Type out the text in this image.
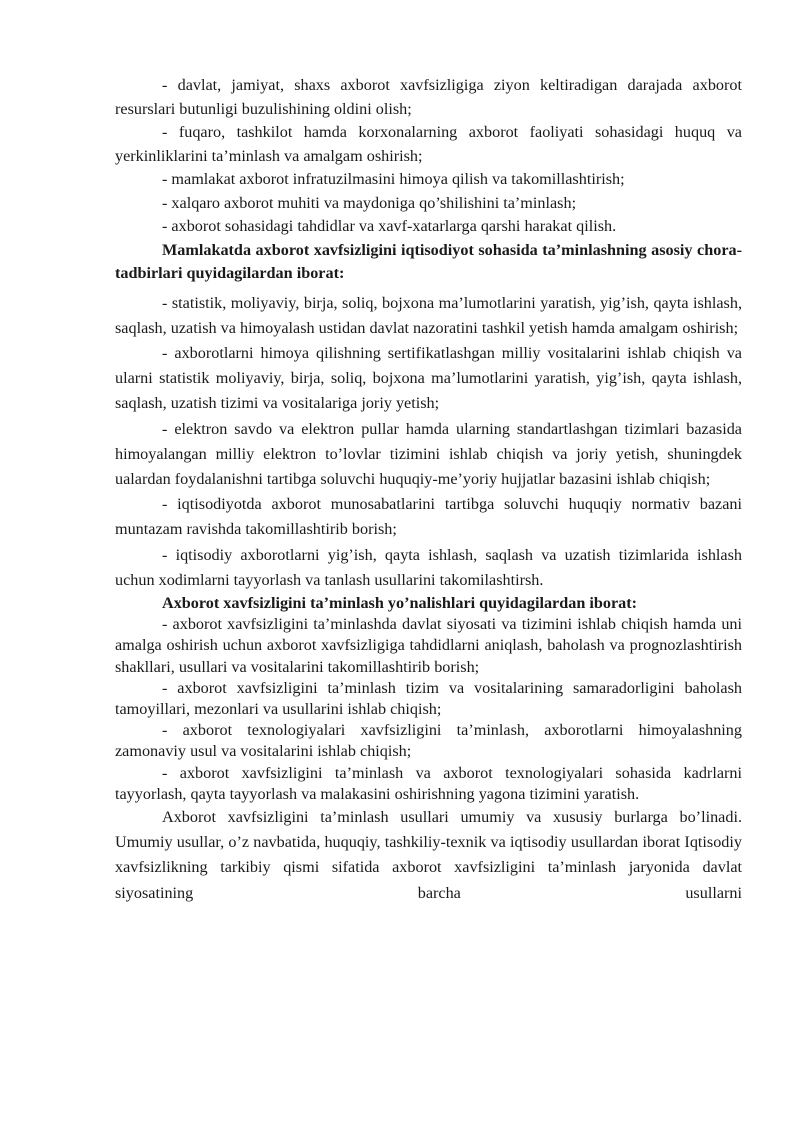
- davlat, jamiyat, shaxs axborot xavfsizligiga ziyon keltiradigan darajada axborot resurslari butunligi buzulishining oldini olish;

- fuqaro, tashkilot hamda korxonalarning axborot faoliyati sohasidagi huquq va yerkinliklarini ta’minlash va amalgam oshirish;

- mamlakat axborot infratuzilmasini himoya qilish va takomillashtirish;

- xalqaro axborot muhiti va maydoniga qo’shilishini ta’minlash;

- axborot sohasidagi tahdidlar va xavf-xatarlarga qarshi harakat qilish.

Mamlakatda axborot xavfsizligini iqtisodiyot sohasida ta’minlashning asosiy chora-tadbirlari quyidagilardan iborat:

- statistik, moliyaviy, birja, soliq, bojxona ma’lumotlarini yaratish, yig’ish, qayta ishlash, saqlash, uzatish va himoyalash ustidan davlat nazoratini tashkil yetish hamda amalgam oshirish;

- axborotlarni himoya qilishning sertifikatlashgan milliy vositalarini ishlab chiqish va ularni statistik moliyaviy, birja, soliq, bojxona ma’lumotlarini yaratish, yig’ish, qayta ishlash, saqlash, uzatish tizimi va vositalariga joriy yetish;

- elektron savdo va elektron pullar hamda ularning standartlashgan tizimlari bazasida himoyalangan milliy elektron to’lovlar tizimini ishlab chiqish va joriy yetish, shuningdek ualardan foydalanishni tartibga soluvchi huquqiy-me’yoriy hujjatlar bazasini ishlab chiqish;

- iqtisodiyotda axborot munosabatlarini tartibga soluvchi huquqiy normativ bazani muntazam ravishda takomillashtirib borish;

- iqtisodiy axborotlarni yig’ish, qayta ishlash, saqlash va uzatish tizimlarida ishlash uchun xodimlarni tayyorlash va tanlash usullarini takomilashtirsh.

Axborot xavfsizligini ta’minlash yo’nalishlari quyidagilardan iborat:

- axborot xavfsizligini ta’minlashda davlat siyosati va tizimini ishlab chiqish hamda uni amalga oshirish uchun axborot xavfsizligiga tahdidlarni aniqlash, baholash va prognozlashtirish shakllari, usullari va vositalarini takomillashtirib borish;

- axborot xavfsizligini ta’minlash tizim va vositalarining samaradorligini baholash tamoyillari, mezonlari va usullarini ishlab chiqish;

- axborot texnologiyalari xavfsizligini ta’minlash, axborotlarni himoyalashning zamonaviy usul va vositalarini ishlab chiqish;

- axborot xavfsizligini ta’minlash va axborot texnologiyalari sohasida kadrlarni tayyorlash, qayta tayyorlash va malakasini oshirishning yagona tizimini yaratish.

Axborot xavfsizligini ta’minlash usullari umumiy va xususiy burlarga bo’linadi. Umumiy usullar, o’z navbatida, huquqiy, tashkiliy-texnik va iqtisodiy usullardan iborat Iqtisodiy xavfsizlikning tarkibiy qismi sifatida axborot xavfsizligini ta’minlash jaryonida davlat siyosatining barcha usullarni
